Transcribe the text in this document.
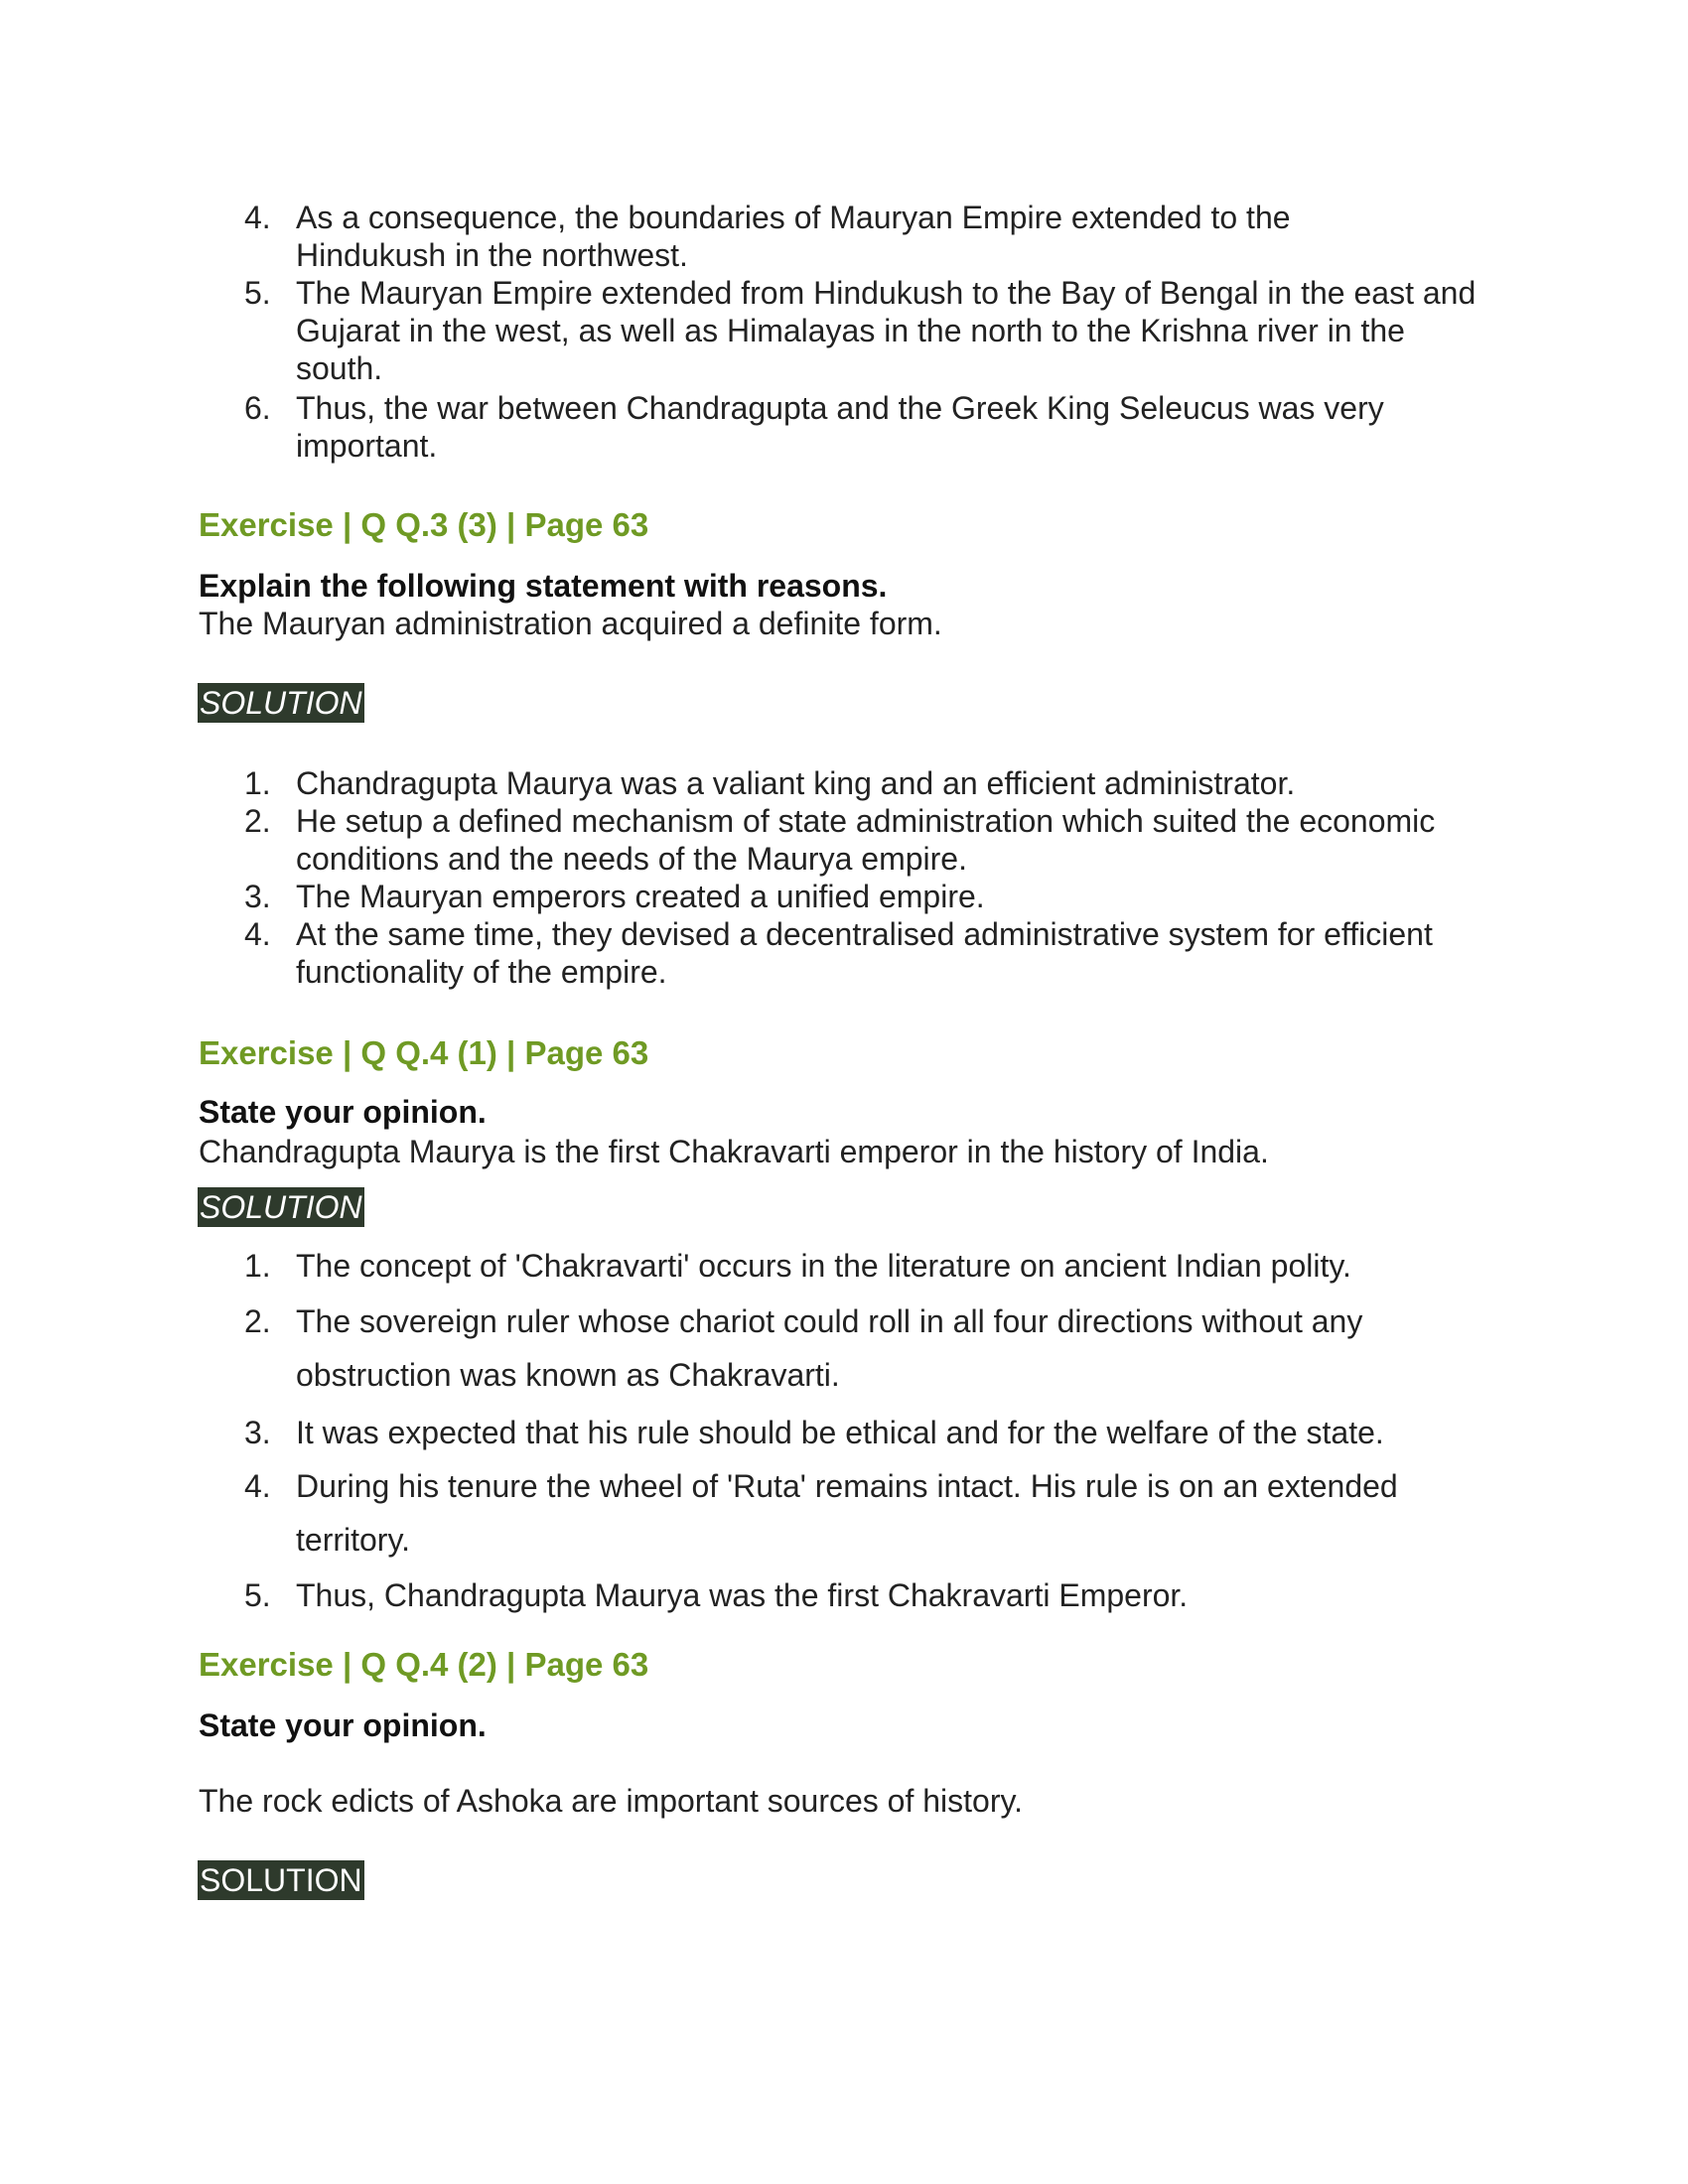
4. As a consequence, the boundaries of Mauryan Empire extended to the Hindukush in the northwest.
5. The Mauryan Empire extended from Hindukush to the Bay of Bengal in the east and Gujarat in the west, as well as Himalayas in the north to the Krishna river in the south.
6. Thus, the war between Chandragupta and the Greek King Seleucus was very important.
Exercise | Q Q.3 (3) | Page 63
Explain the following statement with reasons.
The Mauryan administration acquired a definite form.
SOLUTION
1. Chandragupta Maurya was a valiant king and an efficient administrator.
2. He setup a defined mechanism of state administration which suited the economic conditions and the needs of the Maurya empire.
3. The Mauryan emperors created a unified empire.
4. At the same time, they devised a decentralised administrative system for efficient functionality of the empire.
Exercise | Q Q.4 (1) | Page 63
State your opinion.
Chandragupta Maurya is the first Chakravarti emperor in the history of India.
SOLUTION
1. The concept of 'Chakravarti' occurs in the literature on ancient Indian polity.
2. The sovereign ruler whose chariot could roll in all four directions without any obstruction was known as Chakravarti.
3. It was expected that his rule should be ethical and for the welfare of the state.
4. During his tenure the wheel of 'Ruta' remains intact. His rule is on an extended territory.
5. Thus, Chandragupta Maurya was the first Chakravarti Emperor.
Exercise | Q Q.4 (2) | Page 63
State your opinion.
The rock edicts of Ashoka are important sources of history.
SOLUTION
